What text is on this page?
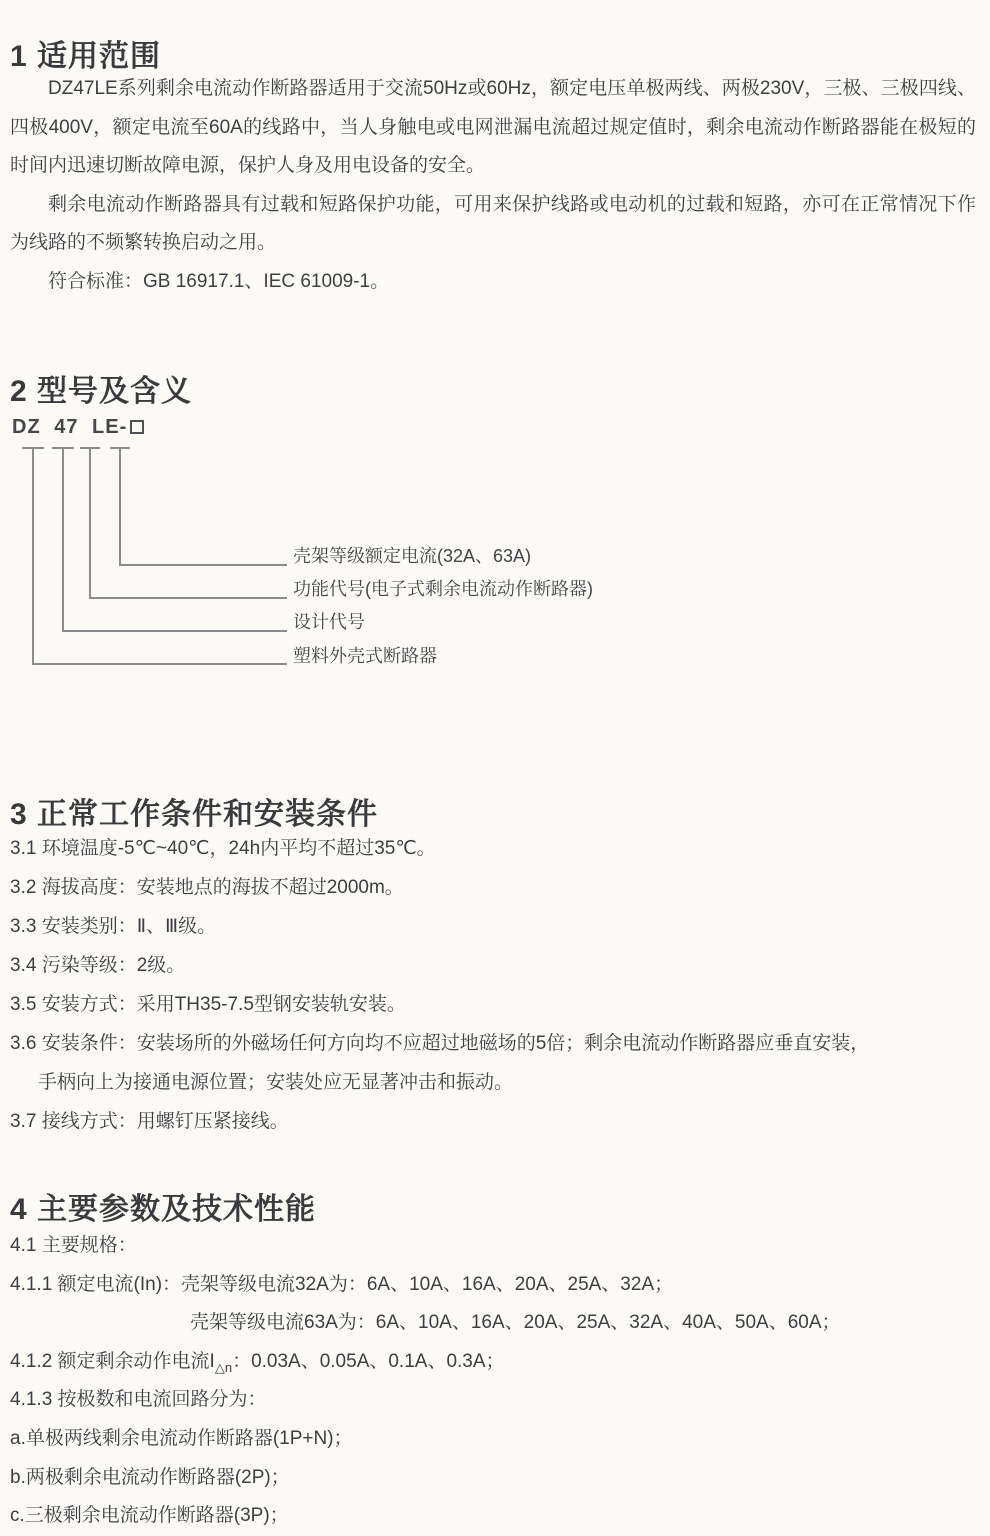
1 适用范围

DZ47LE系列剩余电流动作断路器适用于交流50Hz或60Hz，额定电压单极两线、两极230V，三极、三极四线、四极400V，额定电流至60A的线路中，当人身触电或电网泄漏电流超过规定值时，剩余电流动作断路器能在极短的时间内迅速切断故障电源，保护人身及用电设备的安全。

剩余电流动作断路器具有过载和短路保护功能，可用来保护线路或电动机的过载和短路，亦可在正常情况下作为线路的不频繁转换启动之用。

符合标准：GB 16917.1、IEC 61009-1。

2 型号及含义
DZ 47 LE-
壳架等级额定电流(32A、63A)
功能代号(电子式剩余电流动作断路器)
设计代号
塑料外壳式断路器
3 正常工作条件和安装条件
3.1 环境温度-5℃~40℃，24h内平均不超过35℃。
3.2 海拔高度：安装地点的海拔不超过2000m。
3.3 安装类别：Ⅱ、Ⅲ级。
3.4 污染等级：2级。
3.5 安装方式：采用TH35-7.5型钢安装轨安装。
3.6 安装条件：安装场所的外磁场任何方向均不应超过地磁场的5倍；剩余电流动作断路器应垂直安装，
手柄向上为接通电源位置；安装处应无显著冲击和振动。
3.7 接线方式：用螺钉压紧接线。
4 主要参数及技术性能
4.1 主要规格：
4.1.1 额定电流(In)：壳架等级电流32A为：6A、10A、16A、20A、25A、32A；
壳架等级电流63A为：6A、10A、16A、20A、25A、32A、40A、50A、60A；
4.1.2 额定剩余动作电流$I_{\triangle n}$：0.03A、0.05A、0.1A、0.3A；
4.1.3 按极数和电流回路分为：
a.单极两线剩余电流动作断路器(1P+N)；
b.两极剩余电流动作断路器(2P)；
c.三极剩余电流动作断路器(3P)；
